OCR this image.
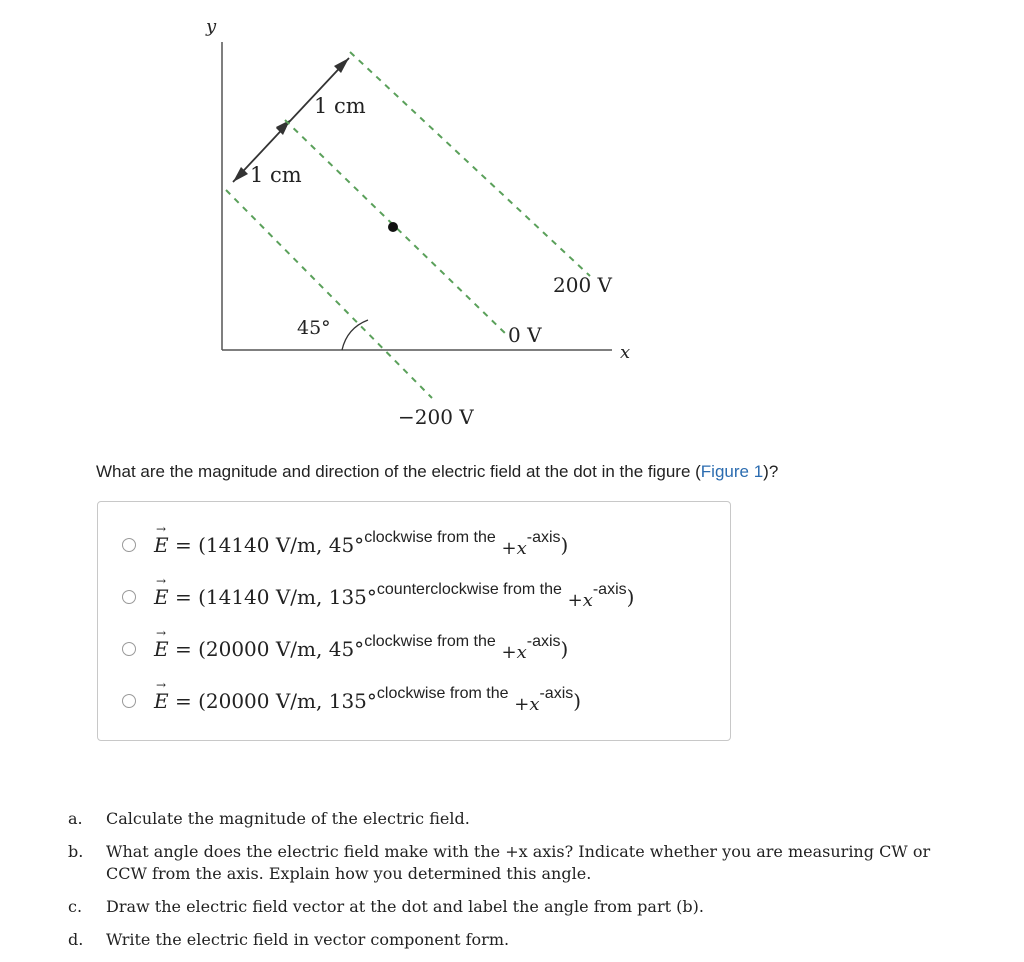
y
x
1 cm
1 cm
45°
200 V
0 V
−200 V
What are the magnitude and direction of the electric field at the dot in the figure (Figure 1)?
→
E = (14140 V/m, 45° clockwise from the +x -axis )
→
E = (14140 V/m, 135° counterclockwise from the +x -axis )
→
E = (20000 V/m, 45° clockwise from the +x -axis )
→
E = (20000 V/m, 135° clockwise from the +x -axis )
a.	Calculate the magnitude of the electric field.
b.	What angle does the electric field make with the +x axis? Indicate whether you are measuring CW or CCW from the axis. Explain how you determined this angle.
c.	Draw the electric field vector at the dot and label the angle from part (b).
d.	Write the electric field in vector component form.
